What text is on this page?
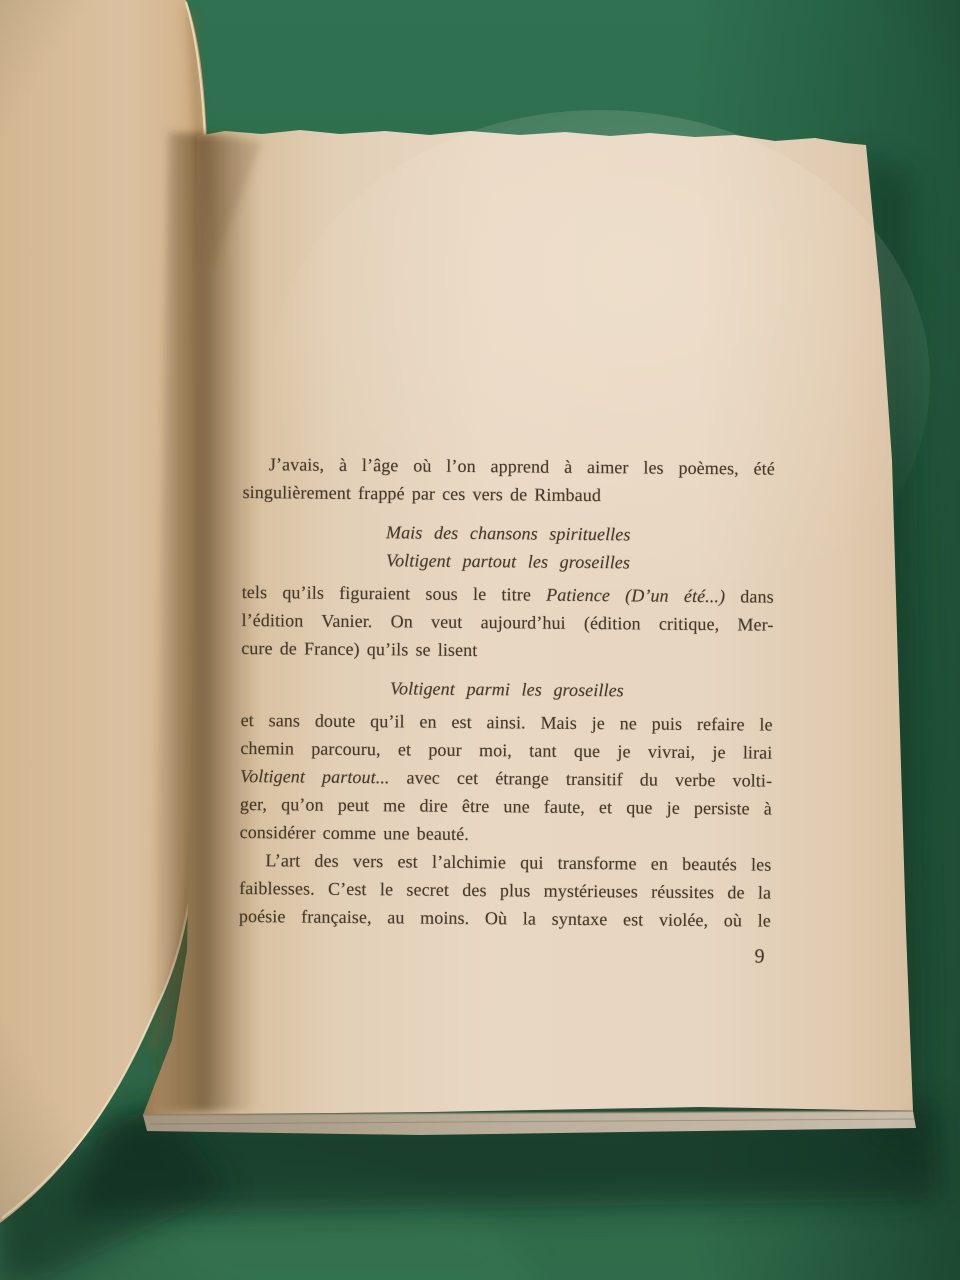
J’avais, à l’âge où l’on apprend à aimer les poèmes, été
singulièrement frappé par ces vers de Rimbaud
Mais des chansons spirituelles
Voltigent partout les groseilles
tels qu’ils figuraient sous le titre Patience (D’un été...) dans
l’édition Vanier. On veut aujourd’hui (édition critique, Mer-
cure de France) qu’ils se lisent
Voltigent parmi les groseilles
et sans doute qu’il en est ainsi. Mais je ne puis refaire le
chemin parcouru, et pour moi, tant que je vivrai, je lirai
Voltigent partout... avec cet étrange transitif du verbe volti-
ger, qu’on peut me dire être une faute, et que je persiste à
considérer comme une beauté.
L’art des vers est l’alchimie qui transforme en beautés les
faiblesses. C’est le secret des plus mystérieuses réussites de la
poésie française, au moins. Où la syntaxe est violée, où le
9
